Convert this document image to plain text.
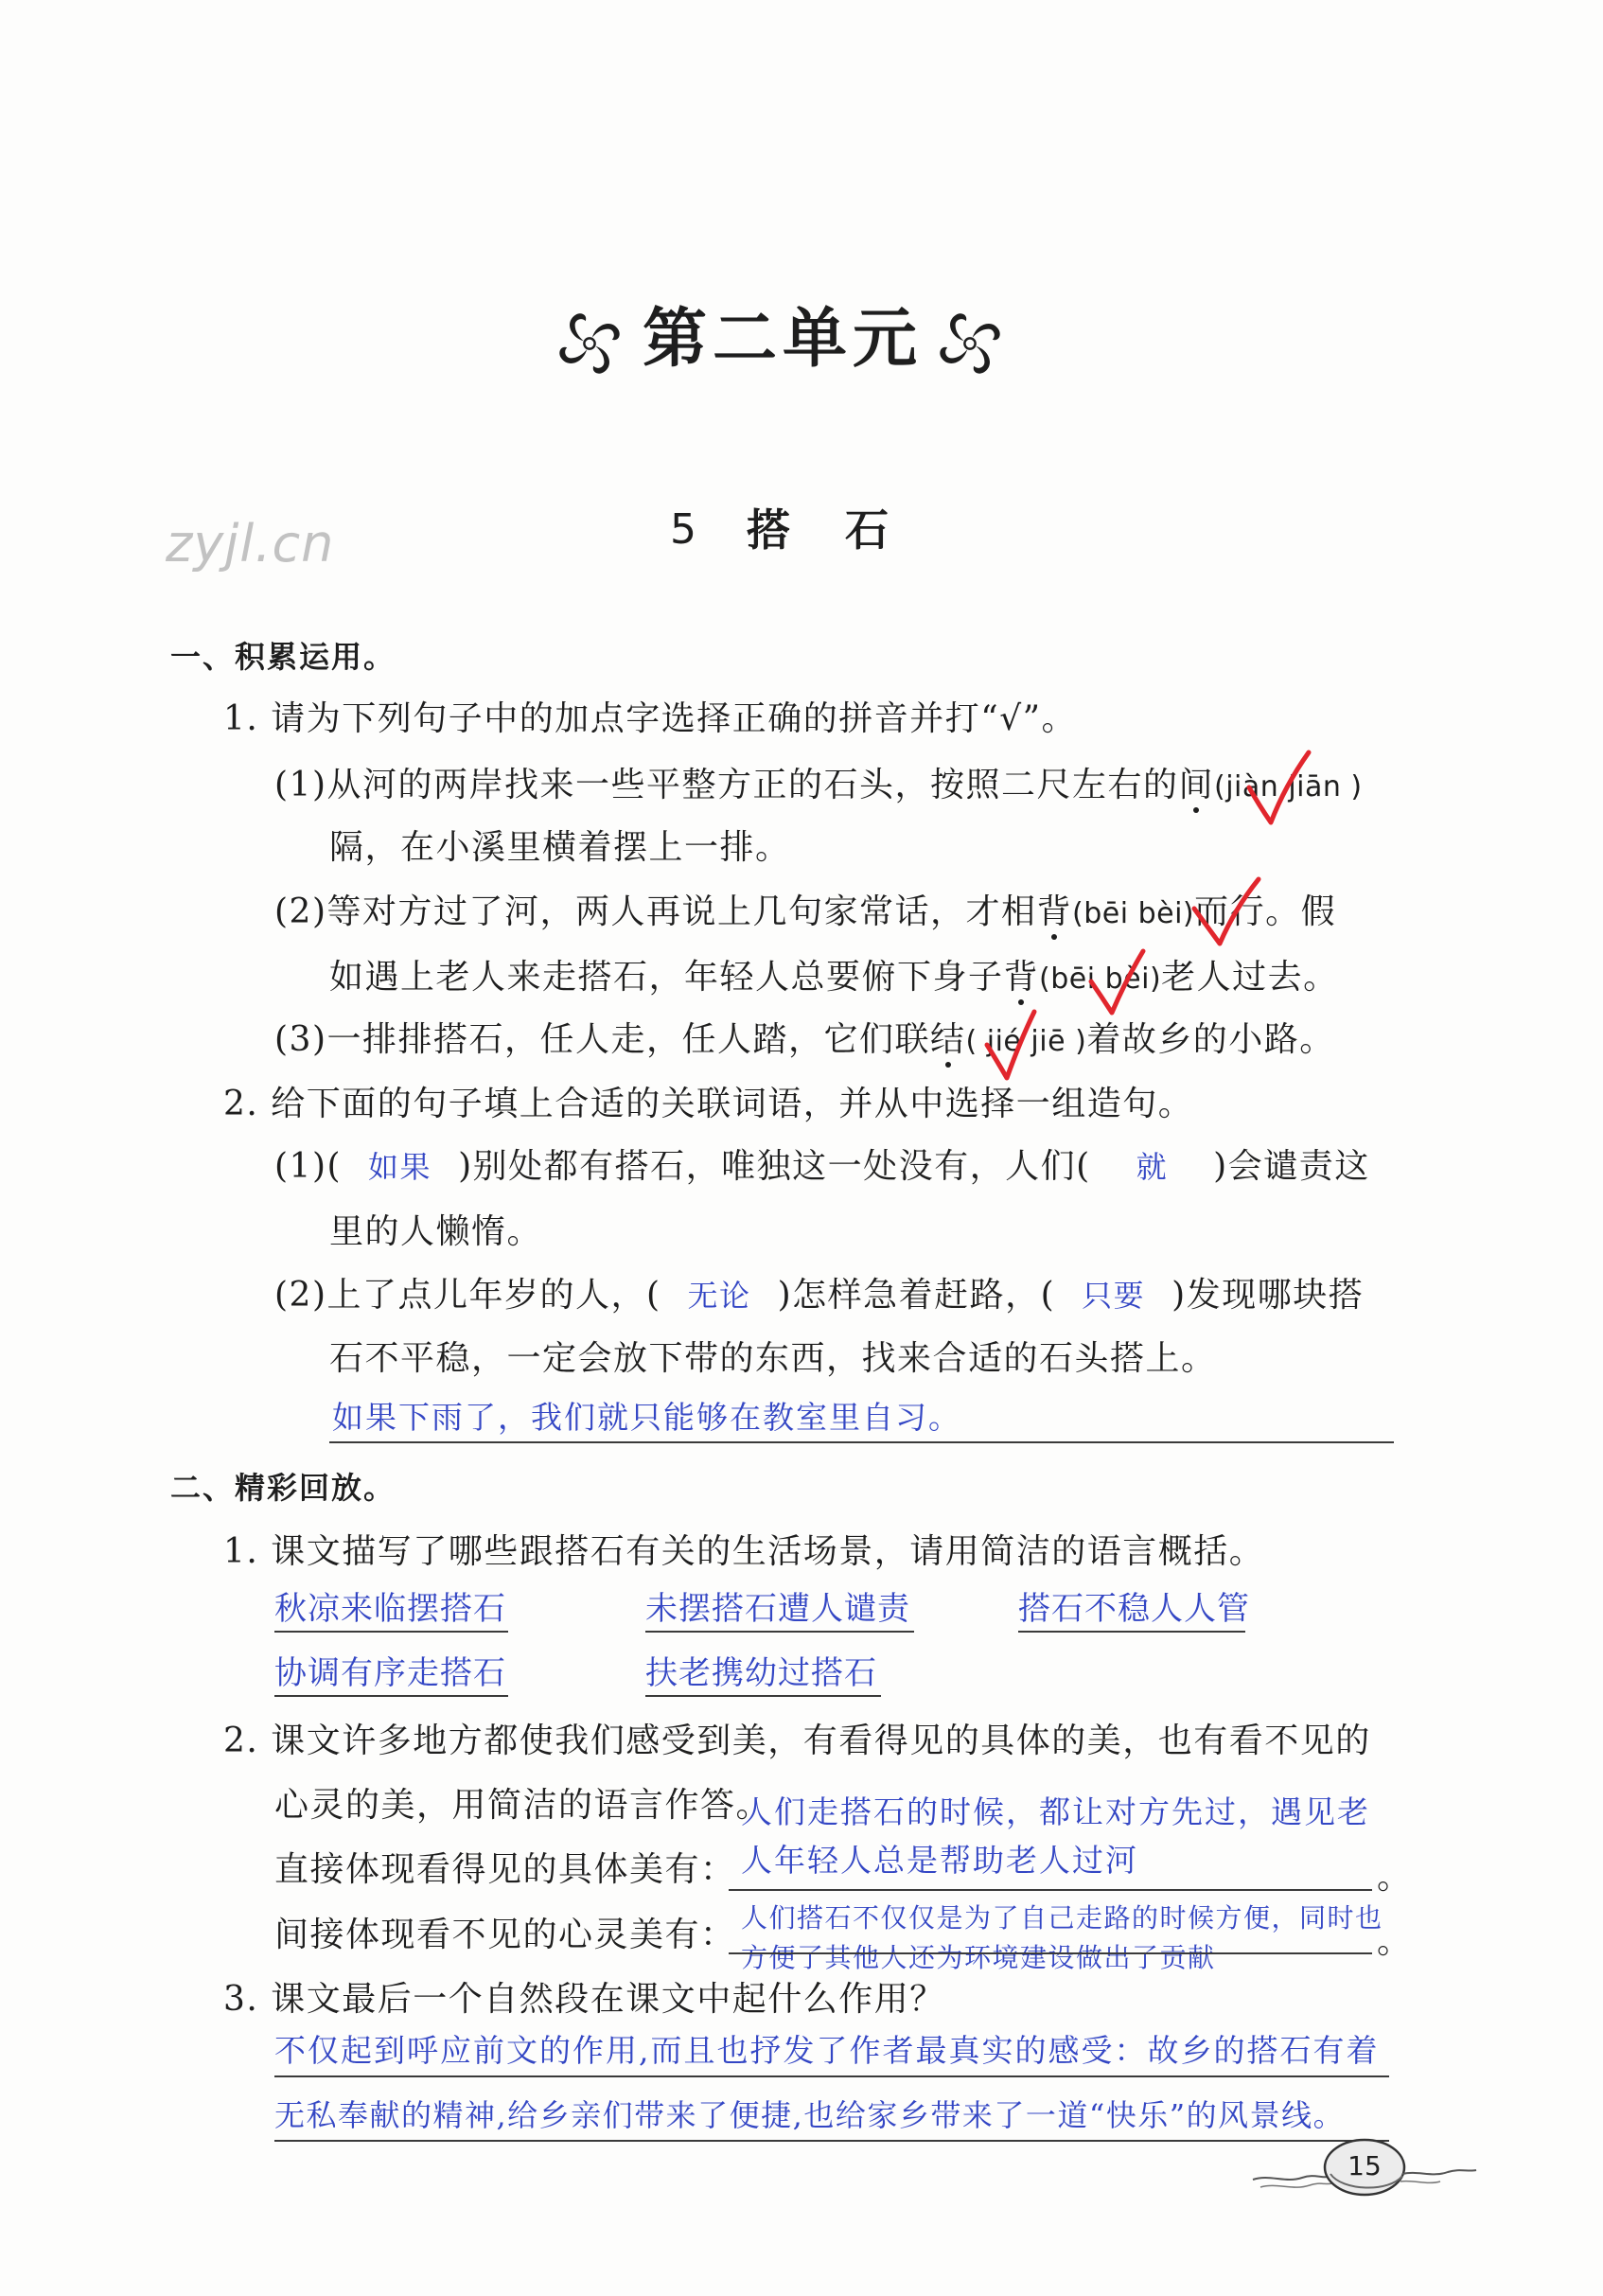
zyjl.cn
第二单元
5 搭石
一、积累运用。
1. 请为下列句子中的加点字选择正确的拼音并打“√”。
(1)从河的两岸找来一些平整方正的石头，按照二尺左右的间(jiàn jiān )
隔，在小溪里横着摆上一排。
(2)等对方过了河，两人再说上几句家常话，才相背(bēi bèi)而行。假
如遇上老人来走搭石，年轻人总要俯下身子背(bēi bèi)老人过去。
(3)一排排搭石，任人走，任人踏，它们联结( jié jiē )着故乡的小路。
2. 给下面的句子填上合适的关联词语，并从中选择一组造句。
(1)( 如果 )别处都有搭石，唯独这一处没有，人们( 就 )会谴责这
里的人懒惰。
(2)上了点儿年岁的人，( 无论 )怎样急着赶路，( 只要 )发现哪块搭
石不平稳，一定会放下带的东西，找来合适的石头搭上。
如果下雨了，我们就只能够在教室里自习。
二、精彩回放。
1. 课文描写了哪些跟搭石有关的生活场景，请用简洁的语言概括。
秋凉来临摆搭石	未摆搭石遭人谴责	搭石不稳人人管
协调有序走搭石	扶老携幼过搭石
2. 课文许多地方都使我们感受到美，有看得见的具体的美，也有看不见的
心灵的美，用简洁的语言作答。
人们走搭石的时候，都让对方先过，遇见老
直接体现看得见的具体美有： 人年轻人总是帮助老人过河	。
间接体现看不见的心灵美有： 人们搭石不仅仅是为了自己走路的时候方便，同时也
方便了其他人还为环境建设做出了贡献	。
3. 课文最后一个自然段在课文中起什么作用？
不仅起到呼应前文的作用,而且也抒发了作者最真实的感受：故乡的搭石有着
无私奉献的精神,给乡亲们带来了便捷,也给家乡带来了一道“快乐”的风景线。
15
